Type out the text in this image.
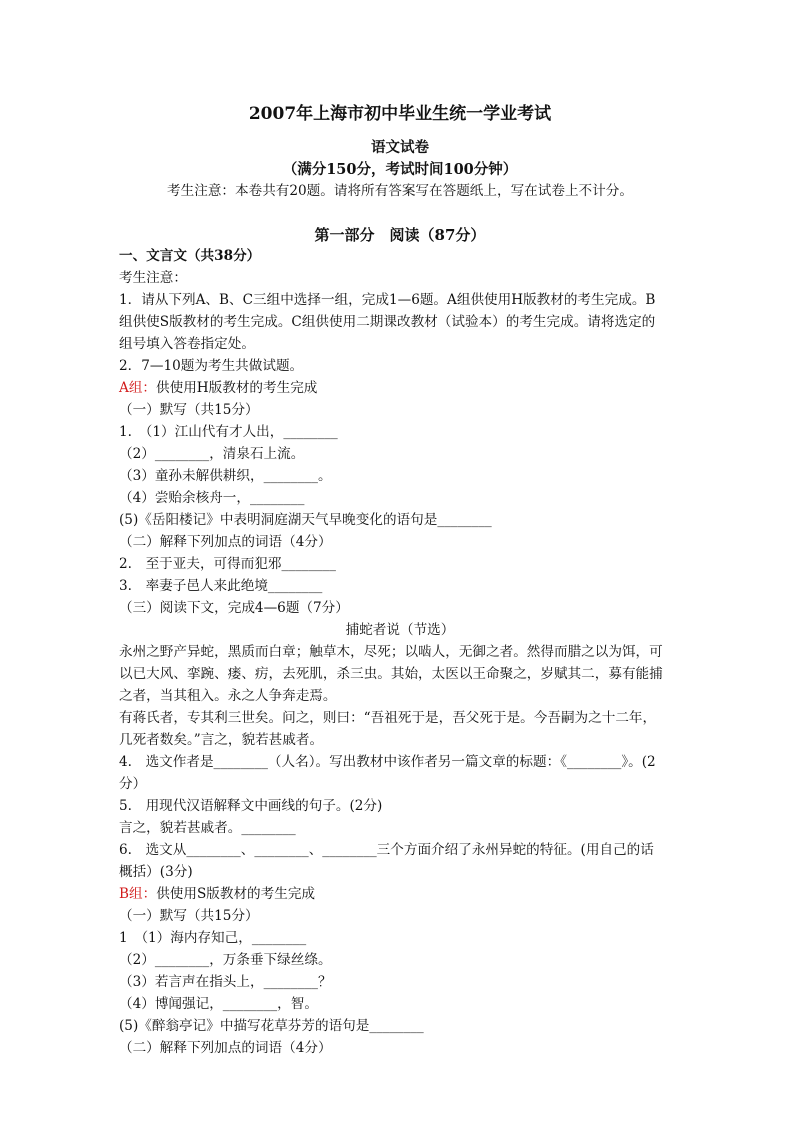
2007年上海市初中毕业生统一学业考试
语文试卷
（满分150分，考试时间100分钟）
考生注意：本卷共有20题。请将所有答案写在答题纸上，写在试卷上不计分。
第一部分　阅读（87分）
一、文言文（共38分）
考生注意：
1．请从下列A、B、C三组中选择一组，完成1—6题。A组供使用H版教材的考生完成。B
组供使S版教材的考生完成。C组供使用二期课改教材（试验本）的考生完成。请将选定的
组号填入答卷指定处。
2．7—10题为考生共做试题。
A组：供使用H版教材的考生完成
（一）默写（共15分）
1.　（1）江山代有才人出，________
（2）________，清泉石上流。
（3）童孙未解供耕织，________。
（4）尝贻余核舟一，________
(5)《岳阳楼记》中表明洞庭湖天气早晚变化的语句是________
（二）解释下列加点的词语（4分）
2.　至于亚夫，可得而犯邪________
3.　率妻子邑人来此绝境________
（三）阅读下文，完成4—6题（7分）
捕蛇者说（节选）
永州之野产异蛇，黑质而白章；触草木，尽死；以啮人，无御之者。然得而腊之以为饵，可
以已大风、挛踠、瘘、疠，去死肌，杀三虫。其始，太医以王命聚之，岁赋其二，募有能捕
之者，当其租入。永之人争奔走焉。
有蒋氏者，专其利三世矣。问之，则曰：“吾祖死于是，吾父死于是。今吾嗣为之十二年，
几死者数矣。”言之，貌若甚戚者。
4.　选文作者是________（人名）。写出教材中该作者另一篇文章的标题：《________》。(2
分）
5.　用现代汉语解释文中画线的句子。(2分)
言之，貌若甚戚者。________
6.　选文从________、________、________三个方面介绍了永州异蛇的特征。(用自己的话
概括）(3分)
B组：供使用S版教材的考生完成
（一）默写（共15分）
1　（1）海内存知己，________
（2）________，万条垂下绿丝绦。
（3）若言声在指头上，________？
（4）博闻强记，________，智。
(5)《醉翁亭记》中描写花草芬芳的语句是________
（二）解释下列加点的词语（4分）
